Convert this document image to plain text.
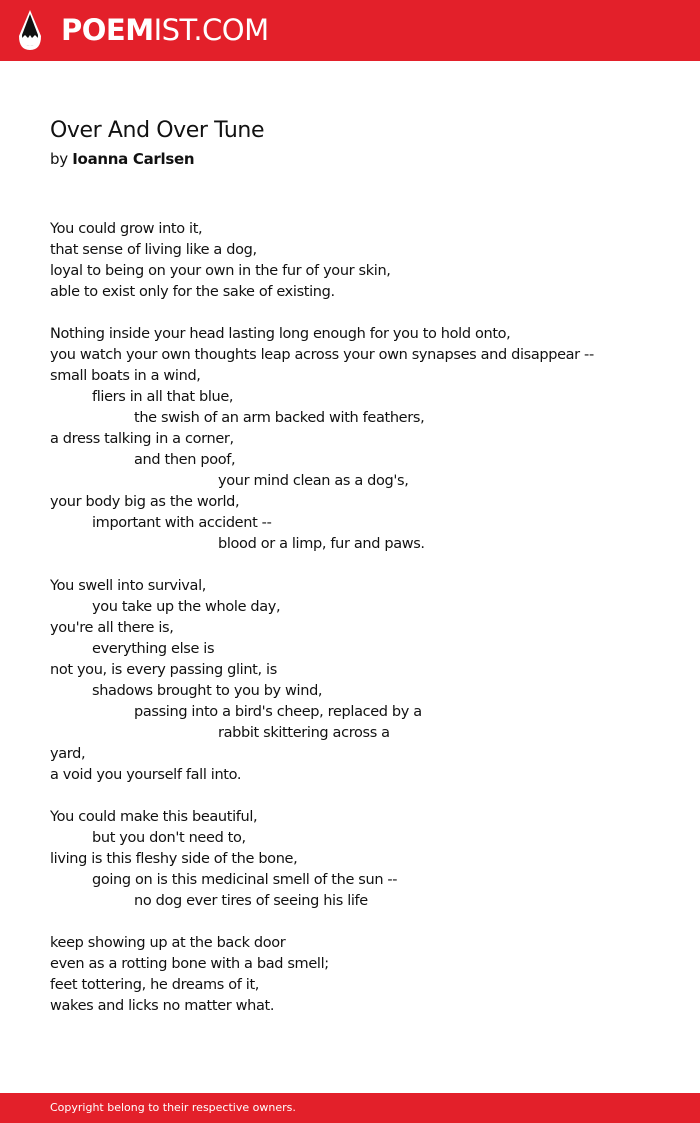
POEMIST.COM
Over And Over Tune
by Ioanna Carlsen
You could grow into it,
that sense of living like a dog,
loyal to being on your own in the fur of your skin,
able to exist only for the sake of existing.
Nothing inside your head lasting long enough for you to hold onto,
you watch your own thoughts leap across your own synapses and disappear --
small boats in a wind,
fliers in all that blue,
the swish of an arm backed with feathers,
a dress talking in a corner,
and then poof,
your mind clean as a dog's,
your body big as the world,
important with accident --
blood or a limp, fur and paws.
You swell into survival,
you take up the whole day,
you're all there is,
everything else is
not you, is every passing glint, is
shadows brought to you by wind,
passing into a bird's cheep, replaced by a
rabbit skittering across a
yard,
a void you yourself fall into.
You could make this beautiful,
but you don't need to,
living is this fleshy side of the bone,
going on is this medicinal smell of the sun --
no dog ever tires of seeing his life
keep showing up at the back door
even as a rotting bone with a bad smell;
feet tottering, he dreams of it,
wakes and licks no matter what.
Copyright belong to their respective owners.
